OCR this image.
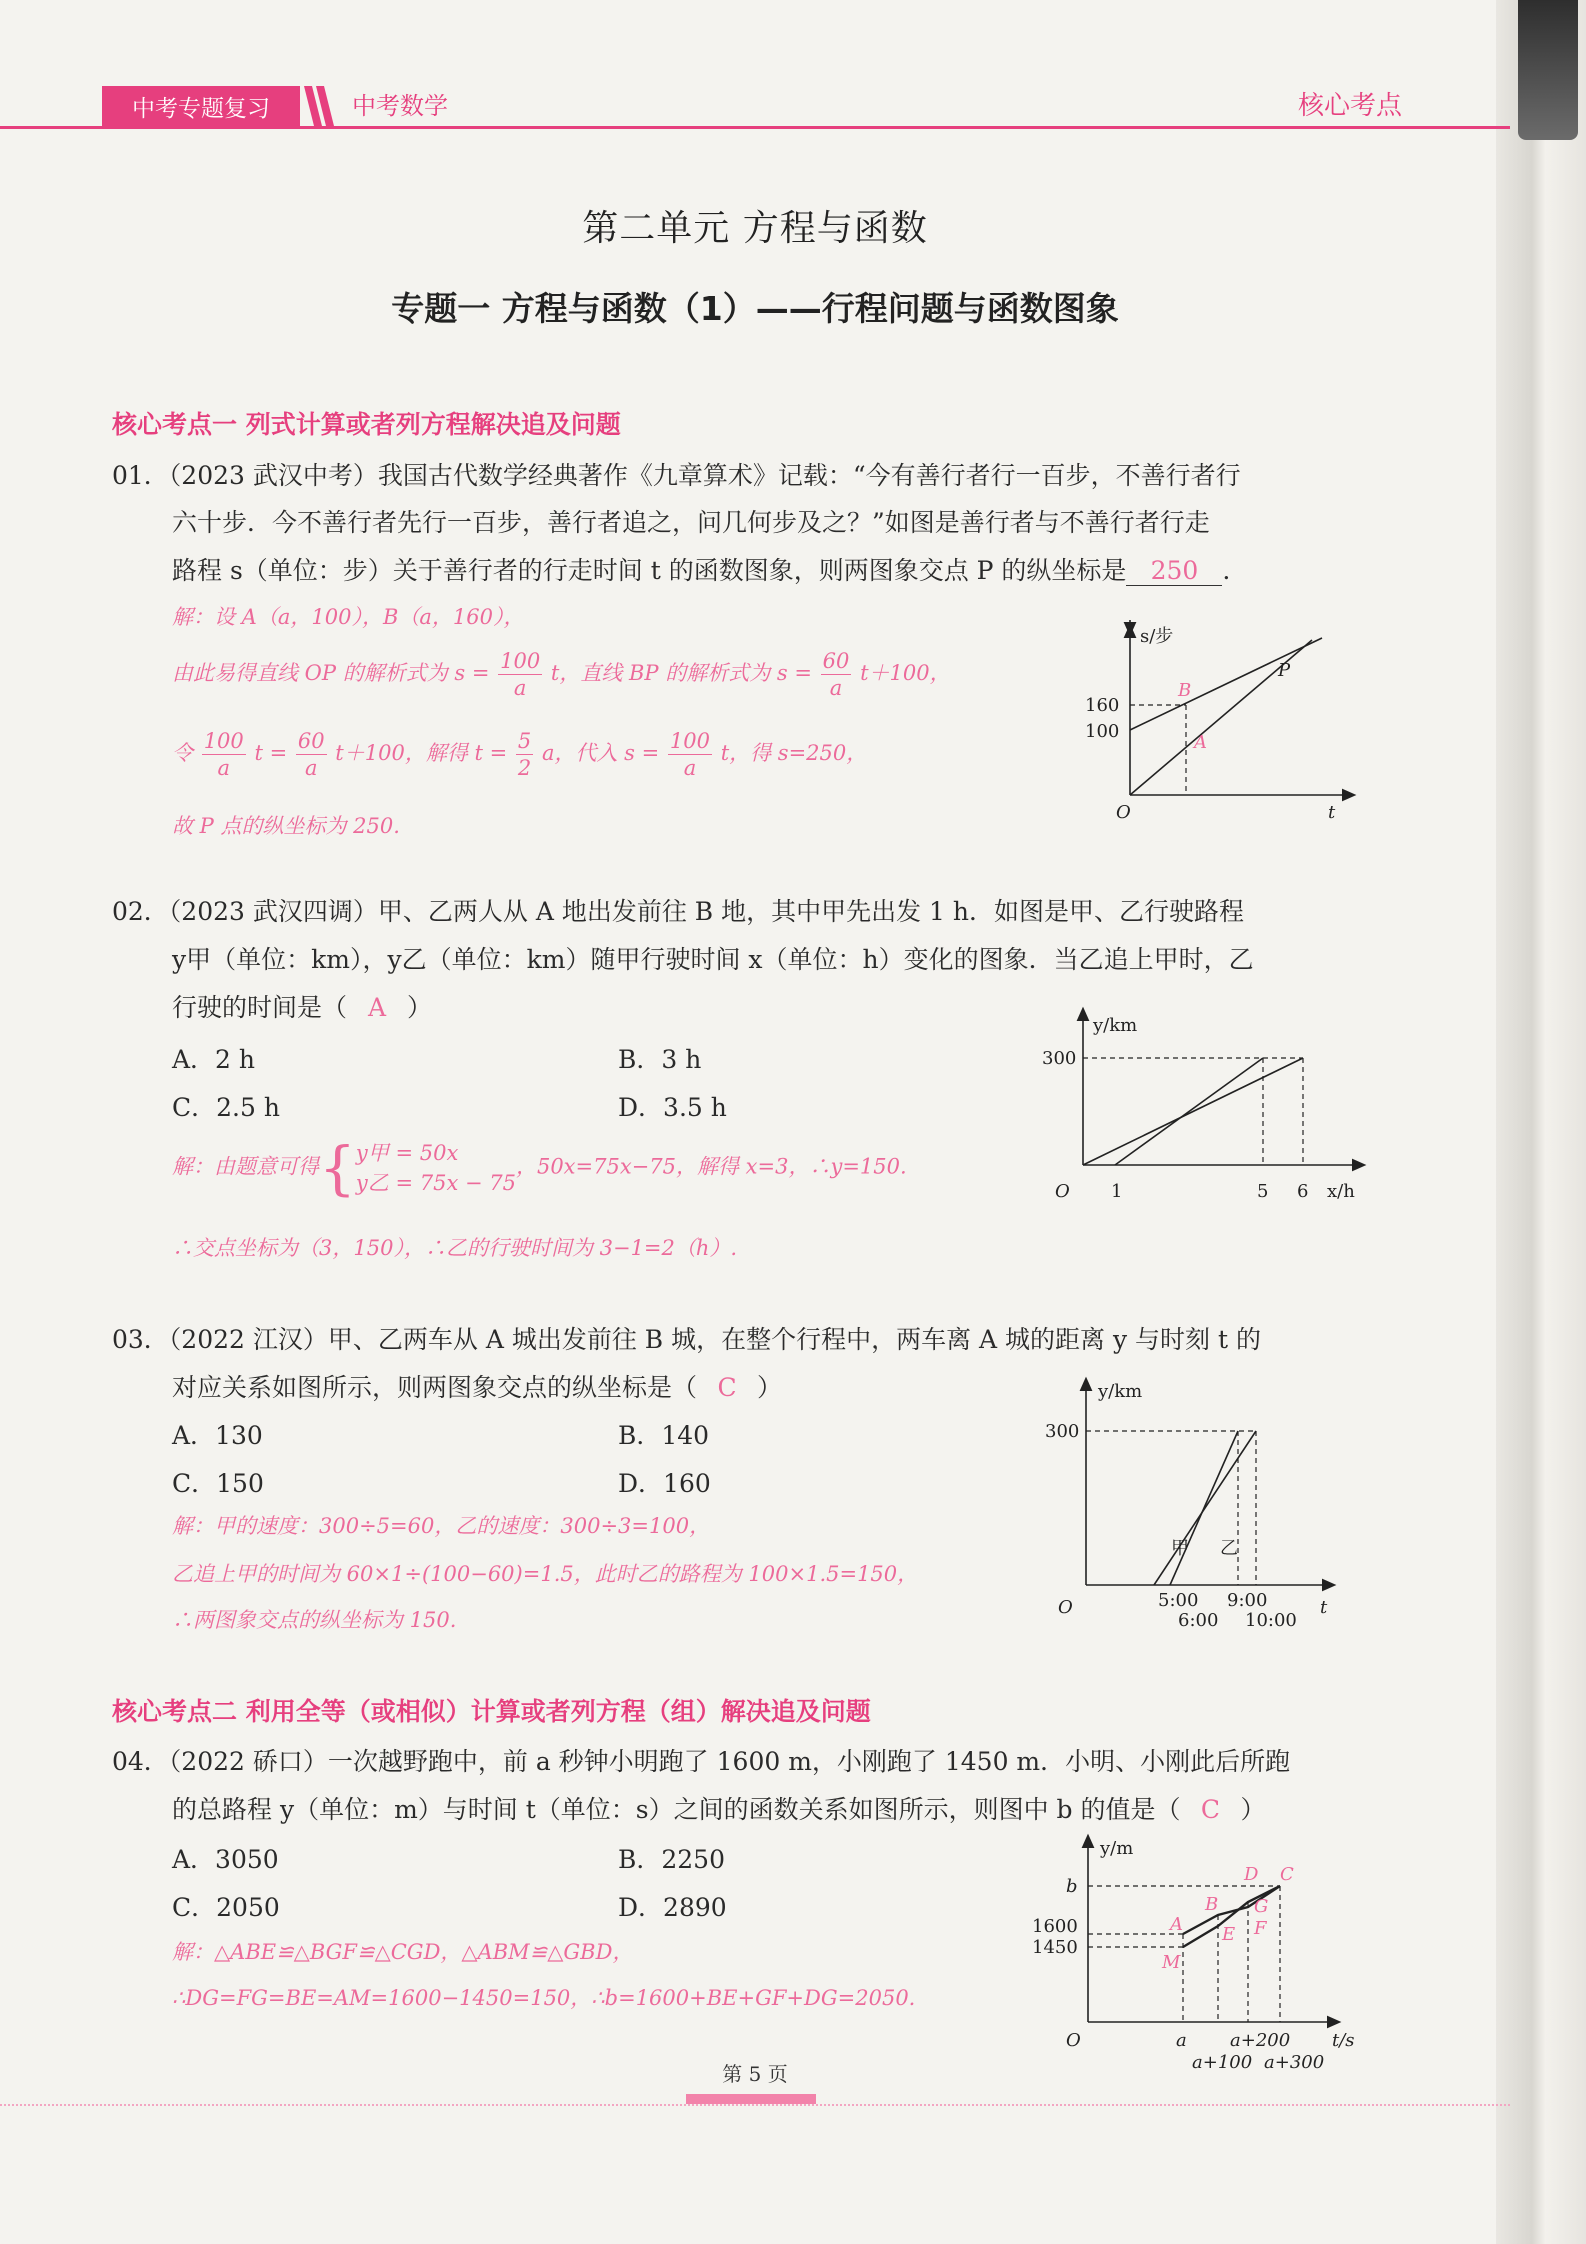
中考专题复习	中考数学	核心考点
第二单元 方程与函数
专题一 方程与函数（1）——行程问题与函数图象
核心考点一 列式计算或者列方程解决追及问题
01．（2023 武汉中考）我国古代数学经典著作《九章算术》记载：“今有善行者行一百步，不善行者行
六十步．今不善行者先行一百步，善行者追之，问几何步及之？”如图是善行者与不善行者行走
路程 s（单位：步）关于善行者的行走时间 t 的函数图象，则两图象交点 P 的纵坐标是 250 ．
解：设 A（a，100），B（a，160），
由此易得直线 OP 的解析式为 $s = \frac{100}{a}$ t，直线 BP 的解析式为 $s = \frac{60}{a} t+100$，
令 $\frac{100}{a}$ $t = \frac{60}{a} t+100$，解得 $t = \frac{5}{2}$ a，代入 $s = \frac{100}{a}$ t，得 s=250，
故 P 点的纵坐标为 250.
s/步
160
100
O	t
B
A
P
02．（2023 武汉四调）甲、乙两人从 A 地出发前往 B 地，其中甲先出发 1 h．如图是甲、乙行驶路程
y甲（单位：km），y乙（单位：km）随甲行驶时间 x（单位：h）变化的图象．当乙追上甲时，乙
行驶的时间是（ A ）
A．2 h	B．3 h
C．2.5 h	D．3.5 h
解：由题意可得{y甲 = 50x
y乙 = 75x − 75，50x=75x−75，解得 x=3，∴y=150.
∴交点坐标为（3，150），∴乙的行驶时间为 3−1=2（h）.
y/km
300
O 1	5 6 x/h
03．（2022 江汉）甲、乙两车从 A 城出发前往 B 城，在整个行程中，两车离 A 城的距离 y 与时刻 t 的
对应关系如图所示，则两图象交点的纵坐标是（ C ）
A．130	B．140
C．150	D．160
解：甲的速度：300÷5=60，乙的速度：300÷3=100，
乙追上甲的时间为 60×1÷(100−60)=1.5，此时乙的路程为 100×1.5=150，
∴两图象交点的纵坐标为 150.
y/km
300
O
甲 乙
5:00
6:00
9:00
10:00
t
核心考点二 利用全等（或相似）计算或者列方程（组）解决追及问题
04．（2022 硚口）一次越野跑中，前 a 秒钟小明跑了 1600 m，小刚跑了 1450 m．小明、小刚此后所跑
的总路程 y（单位：m）与时间 t（单位：s）之间的函数关系如图所示，则图中 b 的值是（ C ）
A．3050	B．2250
C．2050	D．2890
解：△ABE≌△BGF≌△CGD，△ABM≌△GBD，
∴DG=FG=BE=AM=1600−1450=150，∴b=1600+BE+GF+DG=2050.
y/m
b
1600
1450
O	a
a+100
a+200
a+300
t/s
A
B
C
D
E F
G
M
第 5 页
